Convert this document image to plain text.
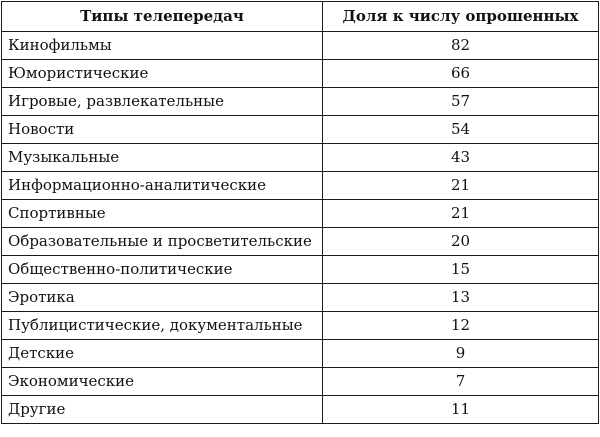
Типы телепередач	Доля к числу опрошенных
Кинофильмы	82
Юмористические	66
Игровые, развлекательные	57
Новости	54
Музыкальные	43
Информационно-аналитические	21
Спортивные	21
Образовательные и просветительские	20
Общественно-политические	15
Эротика	13
Публицистические, документальные	12
Детские	9
Экономические	7
Другие	11
